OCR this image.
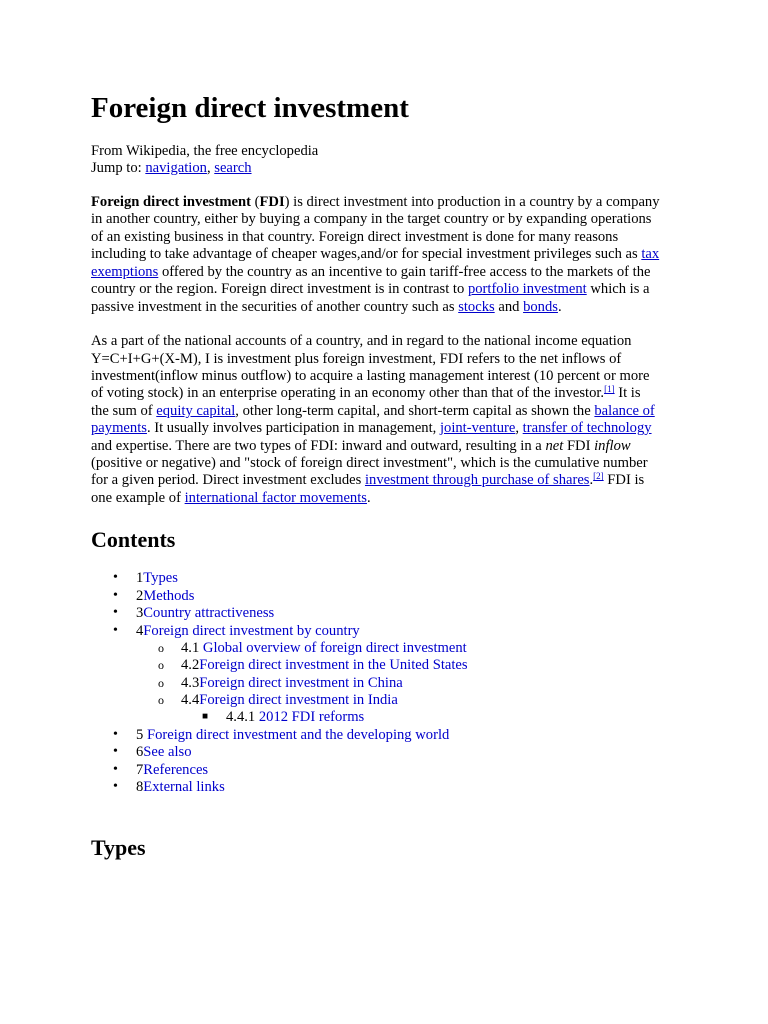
Foreign direct investment
From Wikipedia, the free encyclopedia
Jump to: navigation, search
Foreign direct investment (FDI) is direct investment into production in a country by a company
in another country, either by buying a company in the target country or by expanding operations
of an existing business in that country. Foreign direct investment is done for many reasons
including to take advantage of cheaper wages,and/or for special investment privileges such as tax
exemptions offered by the country as an incentive to gain tariff-free access to the markets of the
country or the region. Foreign direct investment is in contrast to portfolio investment which is a
passive investment in the securities of another country such as stocks and bonds.
As a part of the national accounts of a country, and in regard to the national income equation
Y=C+I+G+(X-M), I is investment plus foreign investment, FDI refers to the net inflows of
investment(inflow minus outflow) to acquire a lasting management interest (10 percent or more
of voting stock) in an enterprise operating in an economy other than that of the investor.[1] It is
the sum of equity capital, other long-term capital, and short-term capital as shown the balance of
payments. It usually involves participation in management, joint-venture, transfer of technology
and expertise. There are two types of FDI: inward and outward, resulting in a net FDI inflow
(positive or negative) and "stock of foreign direct investment", which is the cumulative number
for a given period. Direct investment excludes investment through purchase of shares.[2] FDI is
one example of international factor movements.
Contents
• 1Types
• 2Methods
• 3Country attractiveness
• 4Foreign direct investment by country
o 4.1 Global overview of foreign direct investment
o 4.2Foreign direct investment in the United States
o 4.3Foreign direct investment in China
o 4.4Foreign direct investment in India
■ 4.4.1 2012 FDI reforms
• 5 Foreign direct investment and the developing world
• 6See also
• 7References
• 8External links
Types
